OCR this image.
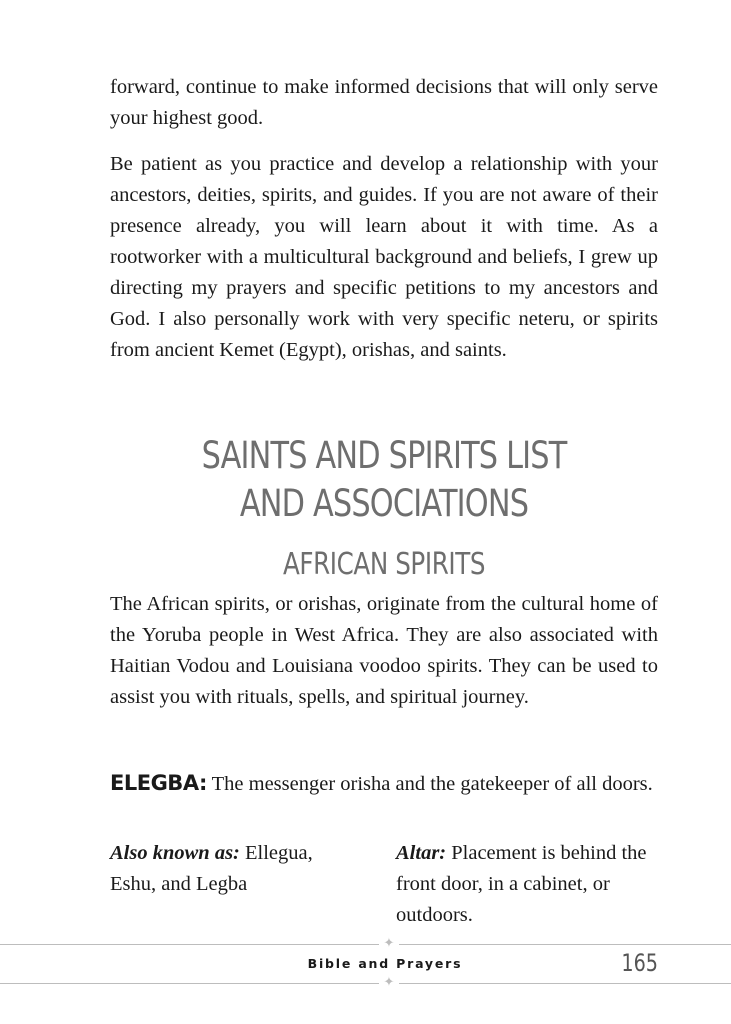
forward, continue to make informed decisions that will only serve your highest good.

Be patient as you practice and develop a relationship with your ancestors, deities, spirits, and guides. If you are not aware of their presence already, you will learn about it with time. As a rootworker with a multicultural background and beliefs, I grew up directing my prayers and specific petitions to my ancestors and God. I also personally work with very specific neteru, or spirits from ancient Kemet (Egypt), orishas, and saints.

SAINTS AND SPIRITS LIST
AND ASSOCIATIONS
AFRICAN SPIRITS

The African spirits, or orishas, originate from the cultural home of the Yoruba people in West Africa. They are also associated with Haitian Vodou and Louisiana voodoo spirits. They can be used to assist you with rituals, spells, and spiritual journey.

ELEGBA: The messenger orisha and the gatekeeper of all doors.

Also known as: Ellegua, Eshu, and Legba
Altar: Placement is behind the front door, in a cabinet, or outdoors.
✦
Bible and Prayers	165
✦
